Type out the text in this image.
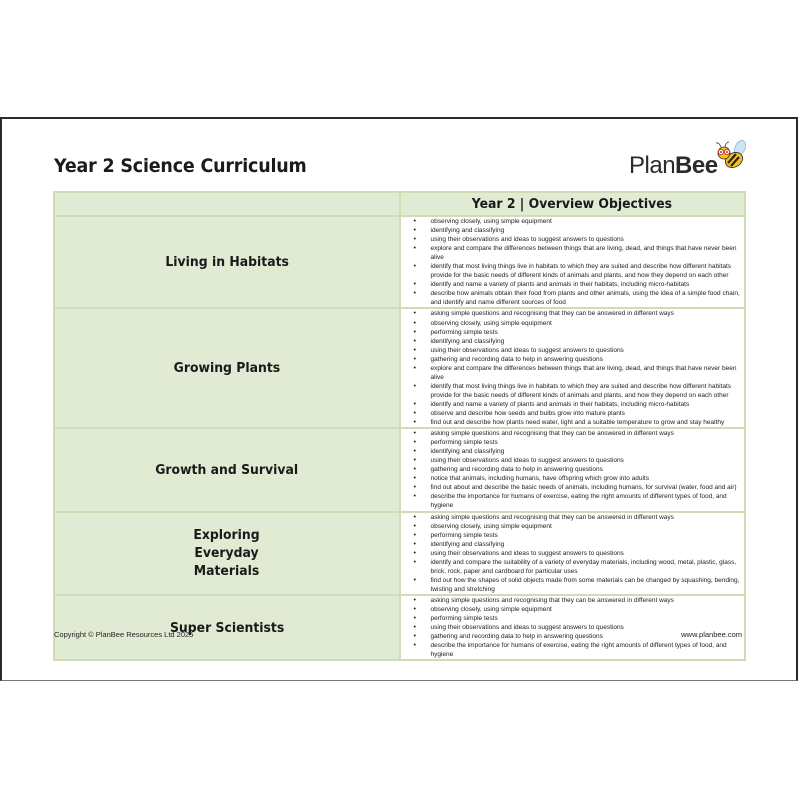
Year 2 Science Curriculum	PlanBee
	Year 2 | Overview Objectives
Living in Habitats	
• observing closely, using simple equipment
• identifying and classifying
• using their observations and ideas to suggest answers to questions
• explore and compare the differences between things that are living, dead, and things that have never been alive
• identify that most living things live in habitats to which they are suited and describe how different habitats provide for the basic needs of different kinds of animals and plants, and how they depend on each other
• identify and name a variety of plants and animals in their habitats, including micro-habitats
• describe how animals obtain their food from plants and other animals, using the idea of a simple food chain, and identify and name different sources of food

Growing Plants	
• asking simple questions and recognising that they can be answered in different ways
• observing closely, using simple equipment
• performing simple tests
• identifying and classifying
• using their observations and ideas to suggest answers to questions
• gathering and recording data to help in answering questions
• explore and compare the differences between things that are living, dead, and things that have never been alive
• identify that most living things live in habitats to which they are suited and describe how different habitats provide for the basic needs of different kinds of animals and plants, and how they depend on each other
• identify and name a variety of plants and animals in their habitats, including micro-habitats
• observe and describe how seeds and bulbs grow into mature plants
• find out and describe how plants need water, light and a suitable temperature to grow and stay healthy

Growth and Survival	
• asking simple questions and recognising that they can be answered in different ways
• performing simple tests
• identifying and classifying
• using their observations and ideas to suggest answers to questions
• gathering and recording data to help in answering questions
• notice that animals, including humans, have offspring which grow into adults
• find out about and describe the basic needs of animals, including humans, for survival (water, food and air)
• describe the importance for humans of exercise, eating the right amounts of different types of food, and hygiene

Exploring Everyday Materials	
• asking simple questions and recognising that they can be answered in different ways
• observing closely, using simple equipment
• performing simple tests
• identifying and classifying
• using their observations and ideas to suggest answers to questions
• identify and compare the suitability of a variety of everyday materials, including wood, metal, plastic, glass, brick, rock, paper and cardboard for particular uses
• find out how the shapes of solid objects made from some materials can be changed by squashing, bending, twisting and stretching

Super Scientists	
• asking simple questions and recognising that they can be answered in different ways
• observing closely, using simple equipment
• performing simple tests
• using their observations and ideas to suggest answers to questions
• gathering and recording data to help in answering questions
• describe the importance for humans of exercise, eating the right amounts of different types of food, and hygiene
Copyright © PlanBee Resources Ltd 2025	www.planbee.com
